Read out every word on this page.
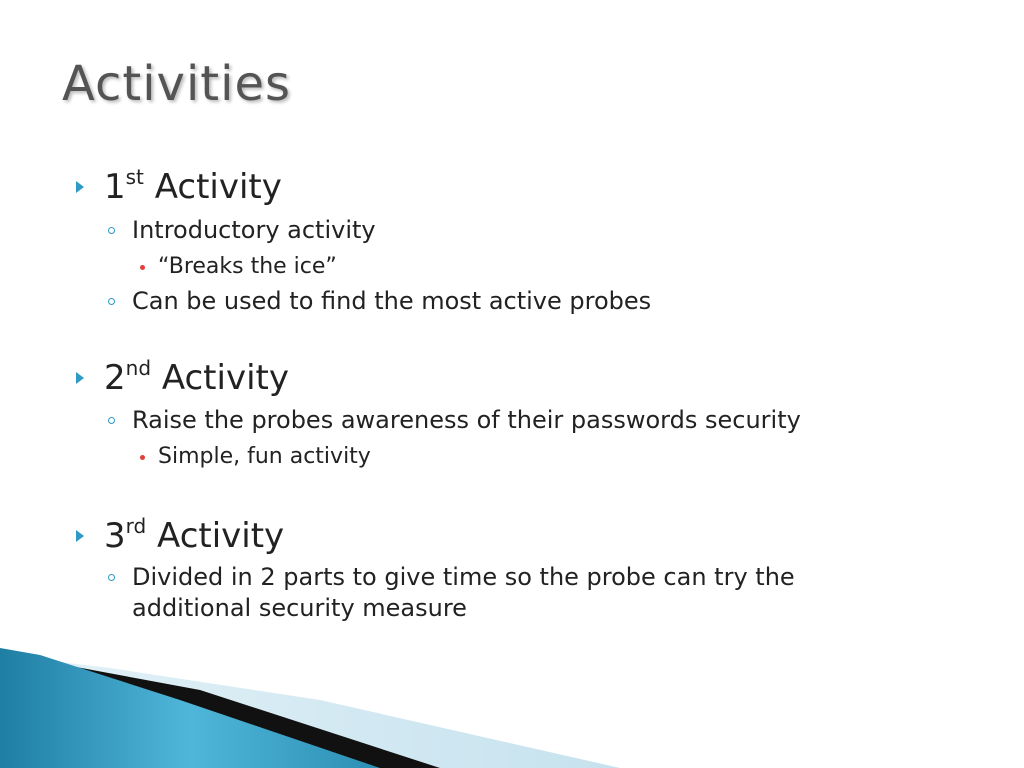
Activities
1st Activity
Introductory activity
“Breaks the ice”
Can be used to find the most active probes
2nd Activity
Raise the probes awareness of their passwords security
Simple, fun activity
3rd Activity
Divided in 2 parts to give time so the probe can try the
additional security measure
